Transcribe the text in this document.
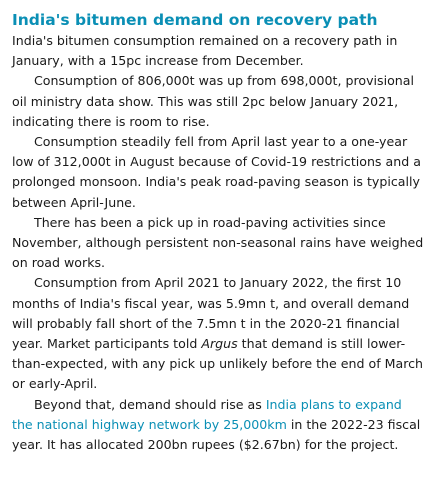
India's bitumen demand on recovery path

India's bitumen consumption remained on a recovery path in January, with a 15pc increase from December.

Consumption of 806,000t was up from 698,000t, provisional oil ministry data show. This was still 2pc below January 2021, indicating there is room to rise.

Consumption steadily fell from April last year to a one-year low of 312,000t in August because of Covid-19 restrictions and a prolonged monsoon. India's peak road-paving season is typically between April-June.

There has been a pick up in road-paving activities since November, although persistent non-seasonal rains have weighed on road works.

Consumption from April 2021 to January 2022, the first 10 months of India's fiscal year, was 5.9mn t, and overall demand will probably fall short of the 7.5mn t in the 2020-21 financial year. Market participants told Argus that demand is still lower-than-expected, with any pick up unlikely before the end of March or early-April.

Beyond that, demand should rise as India plans to expand the national highway network by 25,000km in the 2022-23 fiscal year. It has allocated 200bn rupees ($2.67bn) for the project.
